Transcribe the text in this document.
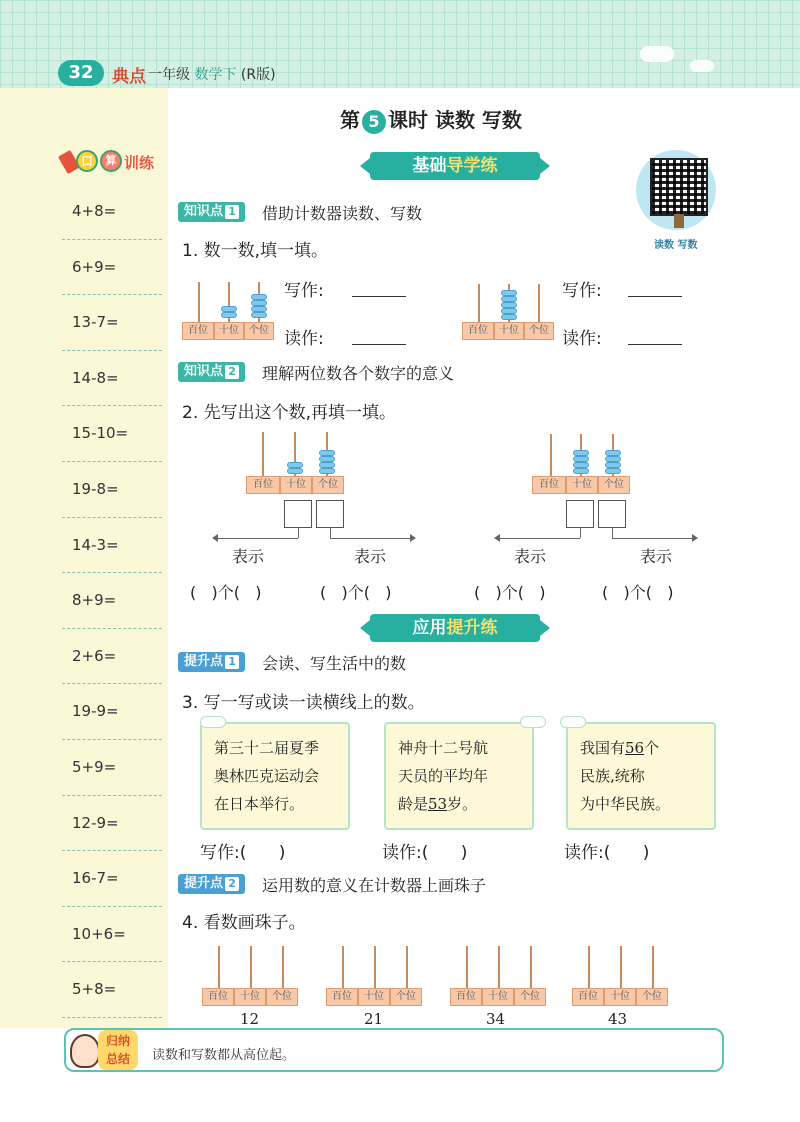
32	典点 一年级 数学下 (R版)
口	算 训练
4+8=
6+9=
13-7=
14-8=
15-10=
19-8=
14-3=
8+9=
2+6=
19-9=
5+9=
12-9=
16-7=
10+6=
5+8=
第 5 课时 读数 写数
基础导学练
读数 写数
知识点 1	借助计数器读数、写数
1. 数一数,填一填。
百位	十位	个位
写作:
读作:	百位	十位	个位
写作:
读作:
知识点 2	理解两位数各个数字的意义
2. 先写出这个数,再填一填。
百位	十位	个位
表示	表示
(   )个(   )	(   )个(   )
百位	十位	个位
表示	表示
(   )个(   )	(   )个(   )
应用提升练
提升点 1	会读、写生活中的数
3. 写一写或读一读横线上的数。
第三十二届夏季
奥林匹克运动会
在日本举行。
神舟十二号航
天员的平均年
龄是53岁。
我国有56个
民族,统称
为中华民族。
写作:(      )	读作:(      )	读作:(      )
提升点 2	运用数的意义在计数器上画珠子
4. 看数画珠子。
百位	十位	个位
12
百位	十位	个位
21
百位	十位	个位
34
百位	十位	个位
43
归纳
总结	读数和写数都从高位起。
